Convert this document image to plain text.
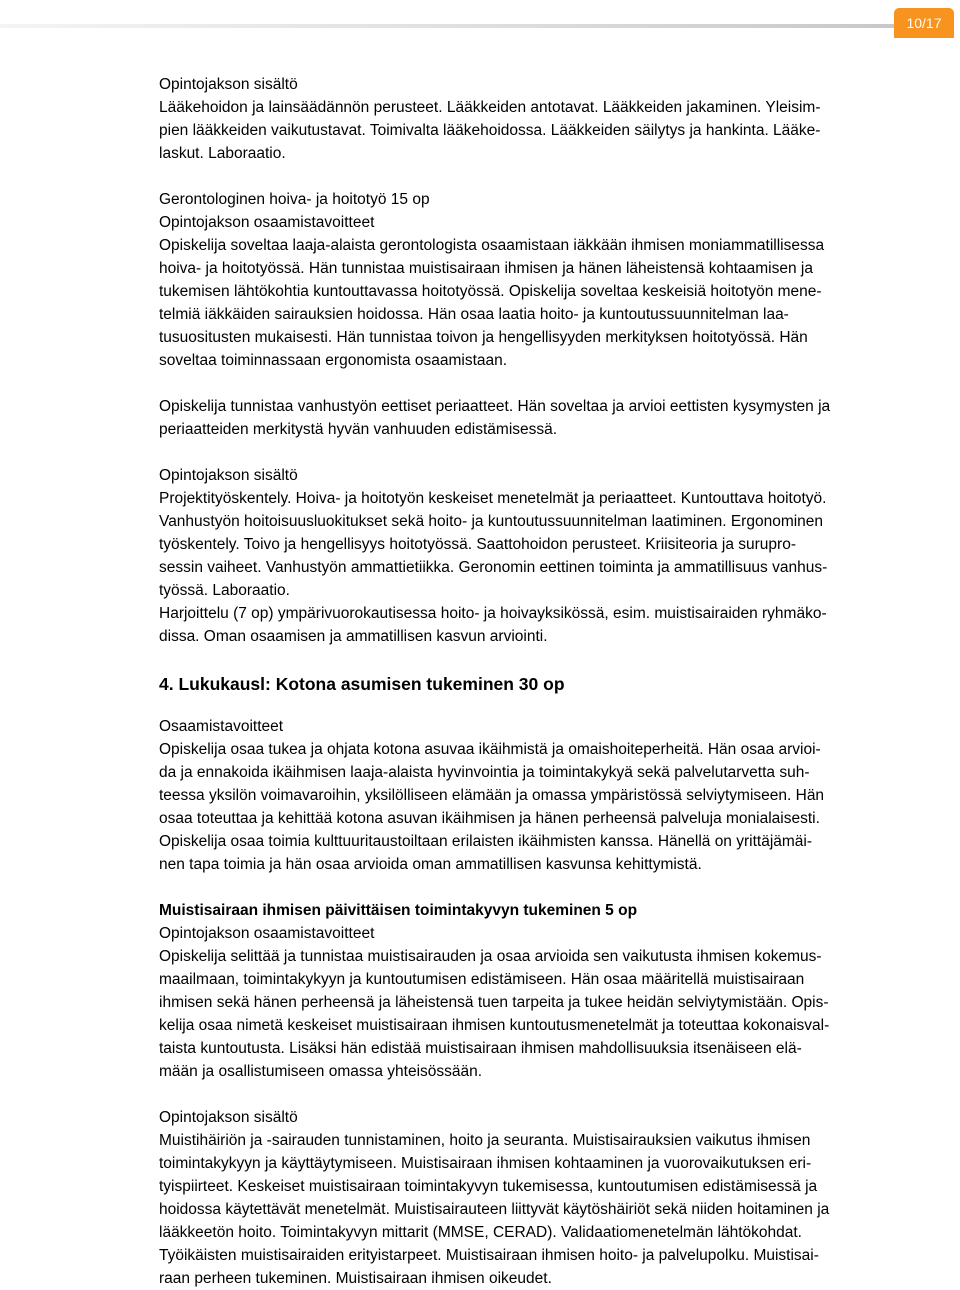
10/17

Opintojakson sisältö

Lääkehoidon ja lainsäädännön perusteet. Lääkkeiden antotavat. Lääkkeiden jakaminen. Yleisim-

pien lääkkeiden vaikutustavat. Toimivalta lääkehoidossa. Lääkkeiden säilytys ja hankinta. Lääke-

laskut. Laboraatio.

Gerontologinen hoiva- ja hoitotyö 15 op

Opintojakson osaamistavoitteet

Opiskelija soveltaa laaja-alaista gerontologista osaamistaan iäkkään ihmisen moniammatillisessa

hoiva- ja hoitotyössä. Hän tunnistaa muistisairaan ihmisen ja hänen läheistensä kohtaamisen ja

tukemisen lähtökohtia kuntouttavassa hoitotyössä. Opiskelija soveltaa keskeisiä hoitotyön mene-

telmiä iäkkäiden sairauksien hoidossa. Hän osaa laatia hoito- ja kuntoutussuunnitelman laa-

tusuositusten mukaisesti. Hän tunnistaa toivon ja hengellisyyden merkityksen hoitotyössä. Hän

soveltaa toiminnassaan ergonomista osaamistaan.

Opiskelija tunnistaa vanhustyön eettiset periaatteet. Hän soveltaa ja arvioi eettisten kysymysten ja

periaatteiden merkitystä hyvän vanhuuden edistämisessä.

Opintojakson sisältö

Projektityöskentely. Hoiva- ja hoitotyön keskeiset menetelmät ja periaatteet. Kuntouttava hoitotyö.

Vanhustyön hoitoisuusluokitukset sekä hoito- ja kuntoutussuunnitelman laatiminen. Ergonominen

työskentely. Toivo ja hengellisyys hoitotyössä. Saattohoidon perusteet. Kriisiteoria ja surupro-

sessin vaiheet. Vanhustyön ammattietiikka. Geronomin eettinen toiminta ja ammatillisuus vanhus-

työssä. Laboraatio.

Harjoittelu (7 op) ympärivuorokautisessa hoito- ja hoivayksikössä, esim. muistisairaiden ryhmäko-

dissa. Oman osaamisen ja ammatillisen kasvun arviointi.

4. Lukukausl: Kotona asumisen tukeminen 30 op

Osaamistavoitteet

Opiskelija osaa tukea ja ohjata kotona asuvaa ikäihmistä ja omaishoiteperheitä. Hän osaa arvioi-

da ja ennakoida ikäihmisen laaja-alaista hyvinvointia ja toimintakykyä sekä palvelutarvetta suh-

teessa yksilön voimavaroihin, yksilölliseen elämään ja omassa ympäristössä selviytymiseen. Hän

osaa toteuttaa ja kehittää kotona asuvan ikäihmisen ja hänen perheensä palveluja monialaisesti.

Opiskelija osaa toimia kulttuuritaustoiltaan erilaisten ikäihmisten kanssa. Hänellä on yrittäjämäi-

nen tapa toimia ja hän osaa arvioida oman ammatillisen kasvunsa kehittymistä.

Muistisairaan ihmisen päivittäisen toimintakyvyn tukeminen 5 op

Opintojakson osaamistavoitteet

Opiskelija selittää ja tunnistaa muistisairauden ja osaa arvioida sen vaikutusta ihmisen kokemus-

maailmaan, toimintakykyyn ja kuntoutumisen edistämiseen. Hän osaa määritellä muistisairaan

ihmisen sekä hänen perheensä ja läheistensä tuen tarpeita ja tukee heidän selviytymistään. Opis-

kelija osaa nimetä keskeiset muistisairaan ihmisen kuntoutusmenetelmät ja toteuttaa kokonaisval-

taista kuntoutusta. Lisäksi hän edistää muistisairaan ihmisen mahdollisuuksia itsenäiseen elä-

mään ja osallistumiseen omassa yhteisössään.

Opintojakson sisältö

Muistihäiriön ja -sairauden tunnistaminen, hoito ja seuranta. Muistisairauksien vaikutus ihmisen

toimintakykyyn ja käyttäytymiseen. Muistisairaan ihmisen kohtaaminen ja vuorovaikutuksen eri-

tyispiirteet. Keskeiset muistisairaan toimintakyvyn tukemisessa, kuntoutumisen edistämisessä ja

hoidossa käytettävät menetelmät. Muistisairauteen liittyvät käytöshäiriöt sekä niiden hoitaminen ja

lääkkeetön hoito. Toimintakyvyn mittarit (MMSE, CERAD). Validaatiomenetelmän lähtökohdat.

Työikäisten muistisairaiden erityistarpeet. Muistisairaan ihmisen hoito- ja palvelupolku. Muistisai-

raan perheen tukeminen. Muistisairaan ihmisen oikeudet.
